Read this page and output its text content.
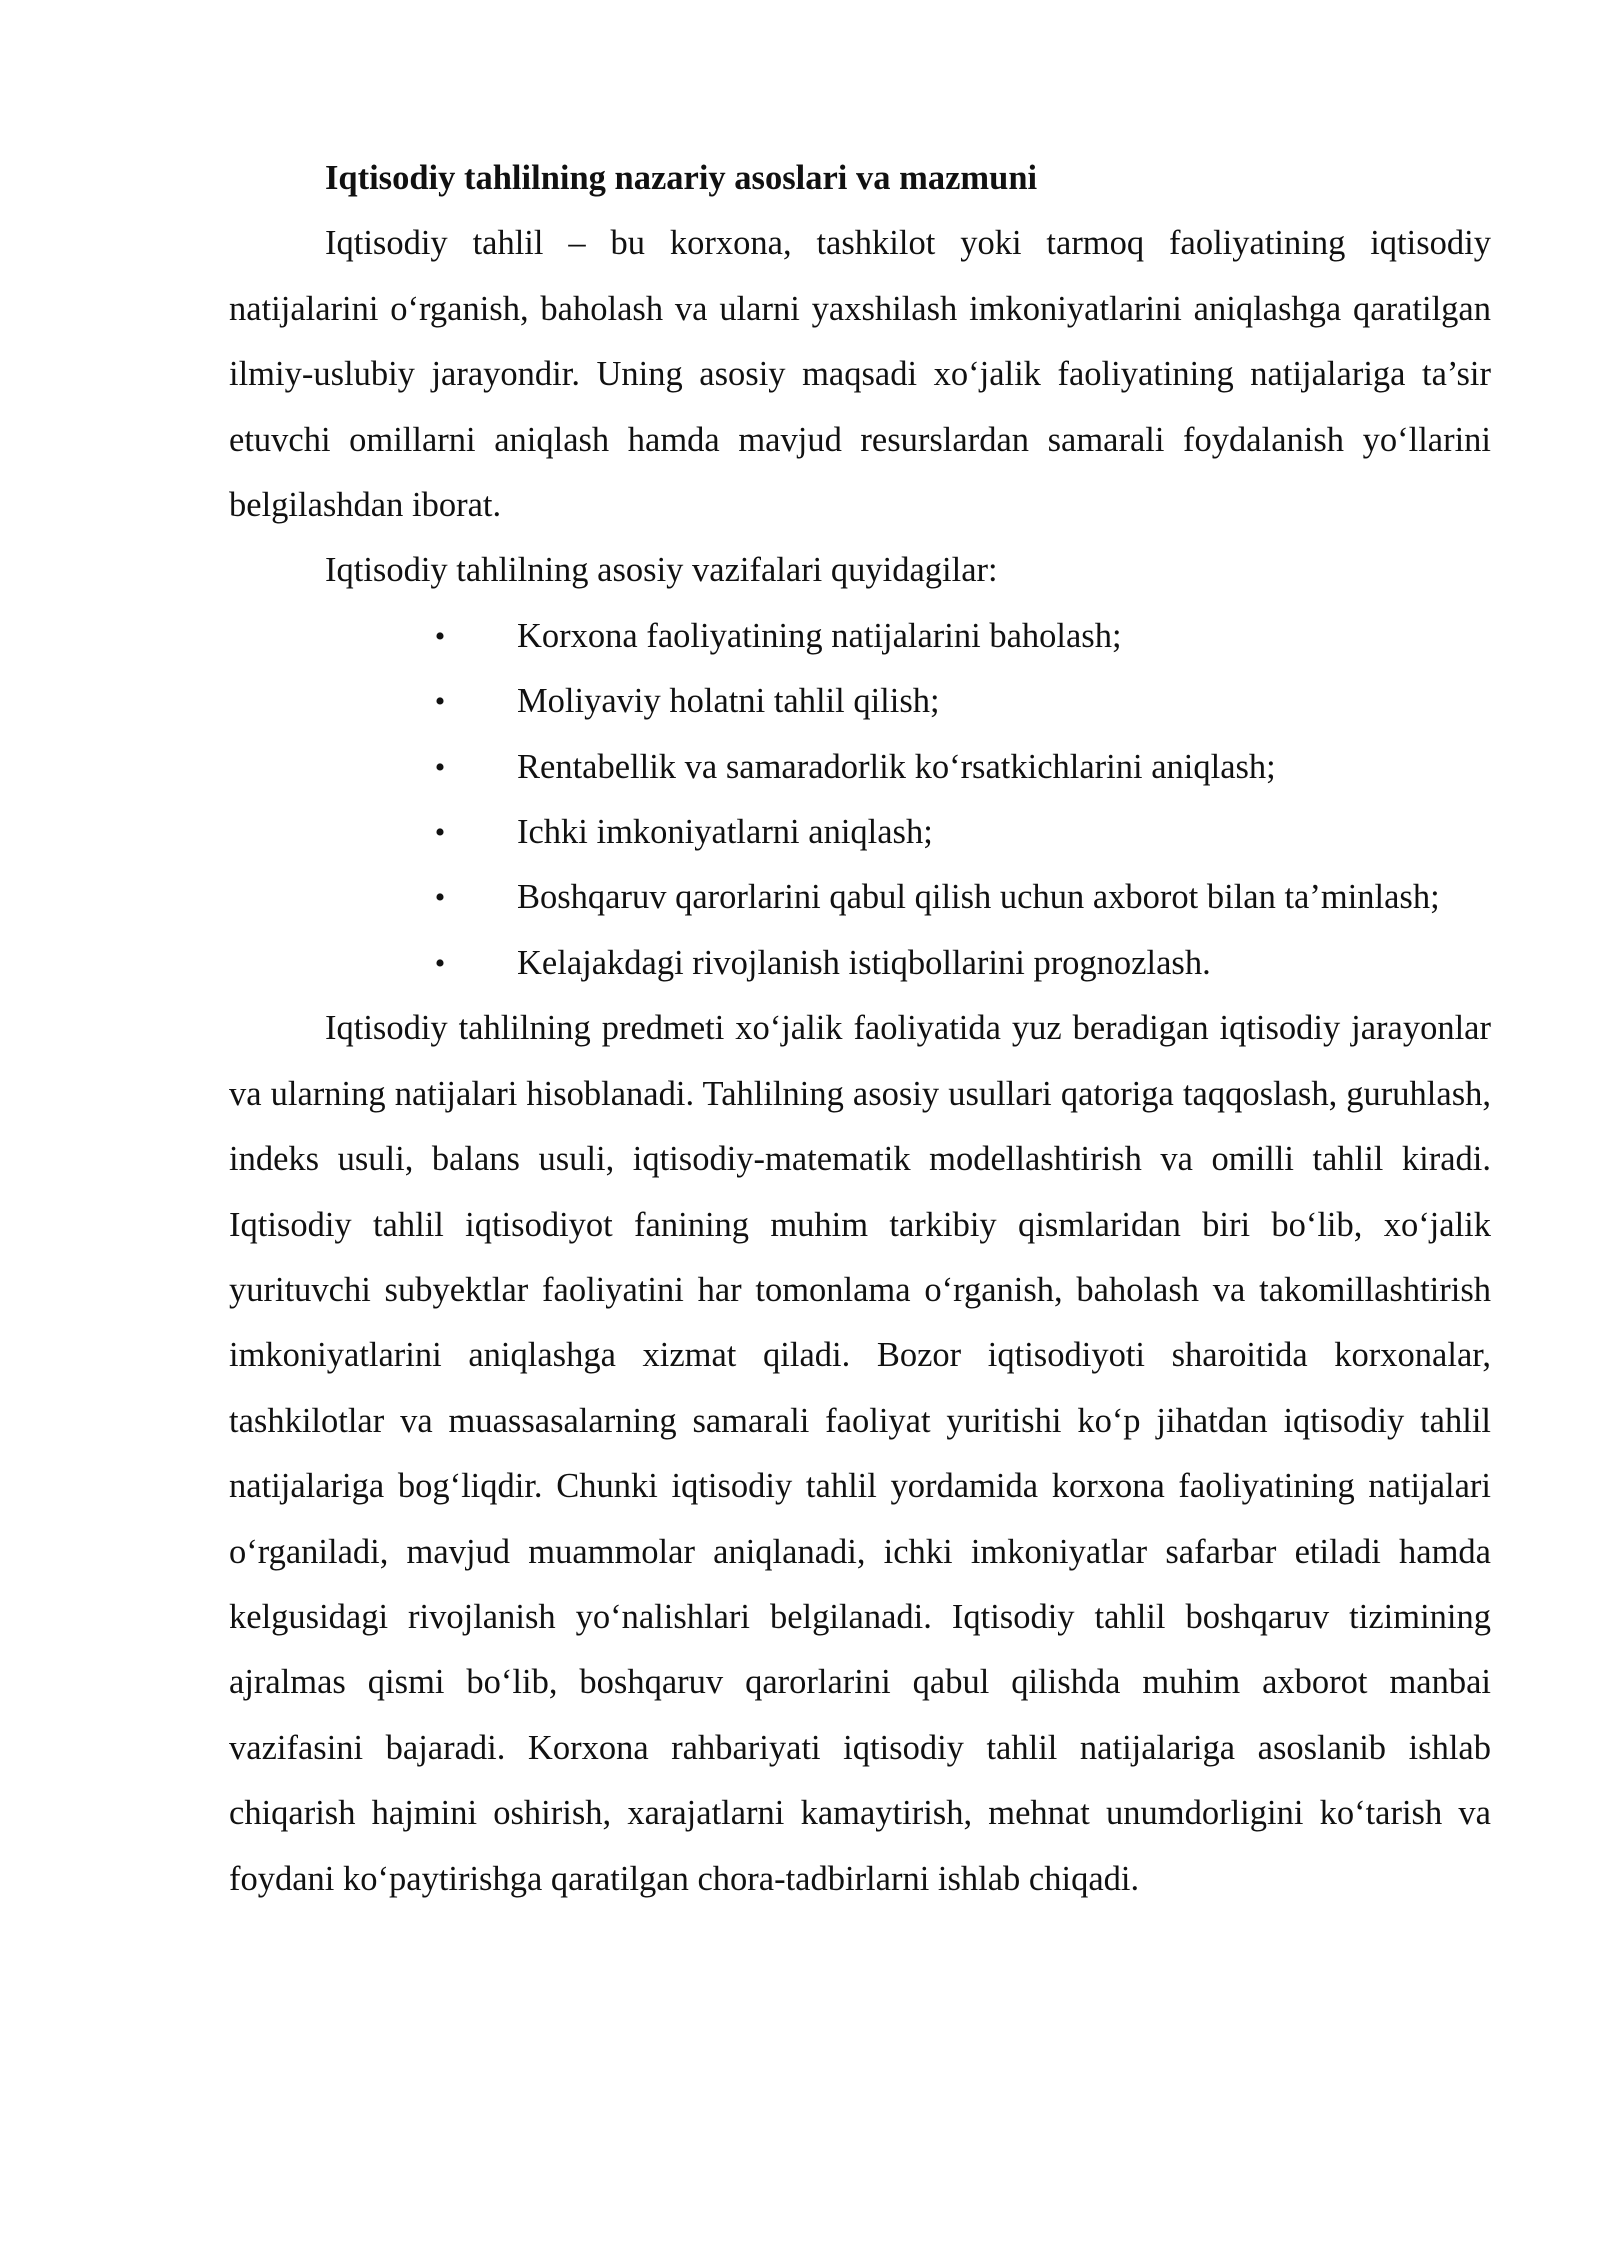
Iqtisodiy tahlilning nazariy asoslari va mazmuni

Iqtisodiy tahlil – bu korxona, tashkilot yoki tarmoq faoliyatining iqtisodiy natijalarini o‘rganish, baholash va ularni yaxshilash imkoniyatlarini aniqlashga qaratilgan ilmiy-uslubiy jarayondir. Uning asosiy maqsadi xo‘jalik faoliyatining natijalariga ta’sir etuvchi omillarni aniqlash hamda mavjud resurslardan samarali foydalanish yo‘llarini belgilashdan iborat.

Iqtisodiy tahlilning asosiy vazifalari quyidagilar:
•	Korxona faoliyatining natijalarini baholash;
•	Moliyaviy holatni tahlil qilish;
•	Rentabellik va samaradorlik ko‘rsatkichlarini aniqlash;
•	Ichki imkoniyatlarni aniqlash;
•	Boshqaruv qarorlarini qabul qilish uchun axborot bilan ta’minlash;
•	Kelajakdagi rivojlanish istiqbollarini prognozlash.

Iqtisodiy tahlilning predmeti xo‘jalik faoliyatida yuz beradigan iqtisodiy jarayonlar va ularning natijalari hisoblanadi. Tahlilning asosiy usullari qatoriga taqqoslash, guruhlash, indeks usuli, balans usuli, iqtisodiy-matematik modellashtirish va omilli tahlil kiradi. Iqtisodiy tahlil iqtisodiyot fanining muhim tarkibiy qismlaridan biri bo‘lib, xo‘jalik yurituvchi subyektlar faoliyatini har tomonlama o‘rganish, baholash va takomillashtirish imkoniyatlarini aniqlashga xizmat qiladi. Bozor iqtisodiyoti sharoitida korxonalar, tashkilotlar va muassasalarning samarali faoliyat yuritishi ko‘p jihatdan iqtisodiy tahlil natijalariga bog‘liqdir. Chunki iqtisodiy tahlil yordamida korxona faoliyatining natijalari o‘rganiladi, mavjud muammolar aniqlanadi, ichki imkoniyatlar safarbar etiladi hamda kelgusidagi rivojlanish yo‘nalishlari belgilanadi. Iqtisodiy tahlil boshqaruv tizimining ajralmas qismi bo‘lib, boshqaruv qarorlarini qabul qilishda muhim axborot manbai vazifasini bajaradi. Korxona rahbariyati iqtisodiy tahlil natijalariga asoslanib ishlab chiqarish hajmini oshirish, xarajatlarni kamaytirish, mehnat unumdorligini ko‘tarish va foydani ko‘paytirishga qaratilgan chora-tadbirlarni ishlab chiqadi.
